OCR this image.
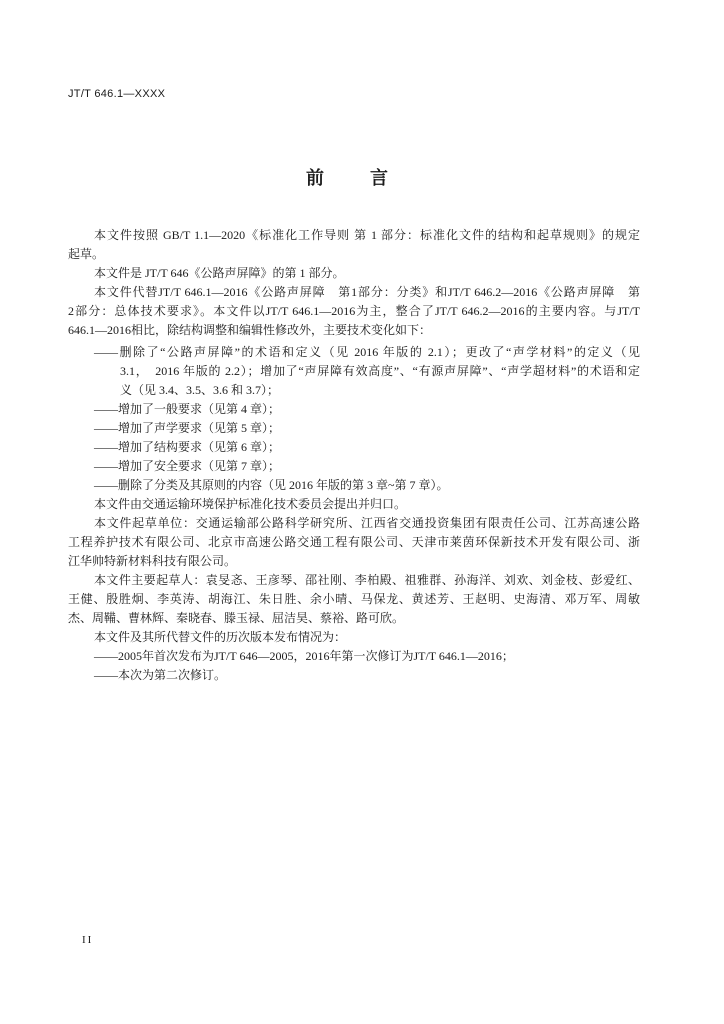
JT/T 646.1—XXXX
前　言
本文件按照 GB/T 1.1—2020《标准化工作导则 第 1 部分：标准化文件的结构和起草规则》的规定
起草。
本文件是 JT/T 646《公路声屏障》的第 1 部分。
本文件代替JT/T 646.1—2016《公路声屏障　第1部分：分类》和JT/T 646.2—2016《公路声屏障　第
2部分：总体技术要求》。本文件以JT/T 646.1—2016为主，整合了JT/T 646.2—2016的主要内容。与JT/T
646.1—2016相比，除结构调整和编辑性修改外，主要技术变化如下：
——删除了“公路声屏障”的术语和定义（见 2016 年版的 2.1）；更改了“声学材料”的定义（见
3.1，　2016 年版的 2.2）；增加了“声屏障有效高度”、“有源声屏障”、“声学超材料”的术语和定
义（见 3.4、3.5、3.6 和 3.7）；
——增加了一般要求（见第 4 章）；
——增加了声学要求（见第 5 章）；
——增加了结构要求（见第 6 章）；
——增加了安全要求（见第 7 章）；
——删除了分类及其原则的内容（见 2016 年版的第 3 章~第 7 章）。
本文件由交通运输环境保护标准化技术委员会提出并归口。
本文件起草单位：交通运输部公路科学研究所、江西省交通投资集团有限责任公司、江苏高速公路
工程养护技术有限公司、北京市高速公路交通工程有限公司、天津市莱茵环保新技术开发有限公司、浙
江华帅特新材料科技有限公司。
本文件主要起草人：袁旻忞、王彦琴、邵社刚、李柏殿、祖雅群、孙海洋、刘欢、刘金枝、彭爱红、
王健、殷胜炯、李英涛、胡海江、朱日胜、余小晴、马保龙、黄述芳、王赵明、史海清、邓万军、周敏
杰、周鞴、曹林辉、秦晓春、滕玉禄、屈洁昊、蔡裕、路可欣。
本文件及其所代替文件的历次版本发布情况为：
——2005年首次发布为JT/T 646—2005，2016年第一次修订为JT/T 646.1—2016；
——本次为第二次修订。
II
